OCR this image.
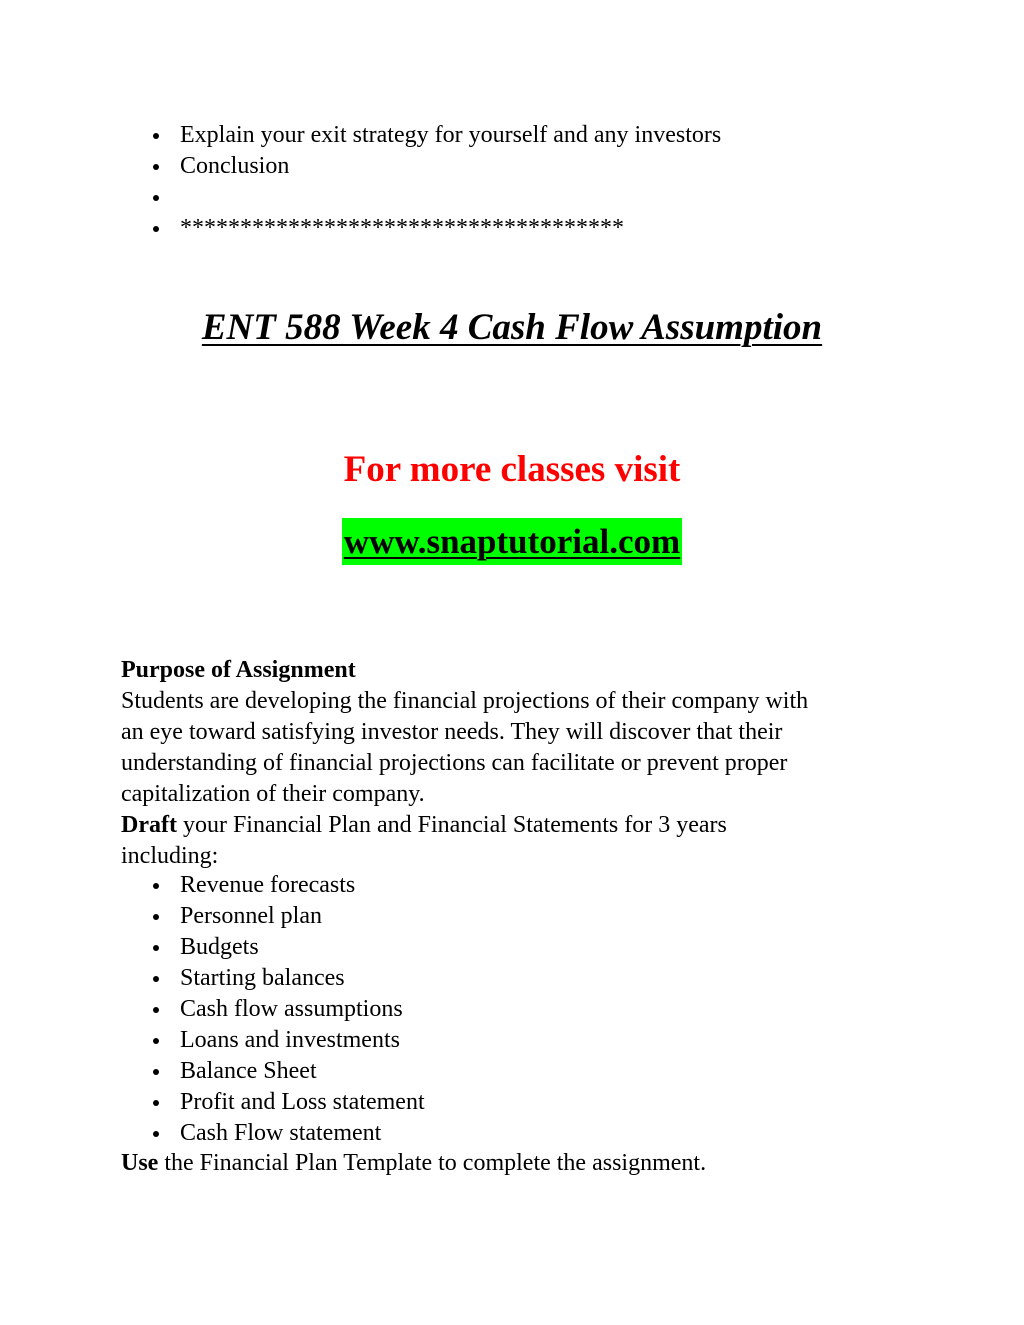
Explain your exit strategy for yourself and any investors
Conclusion
*************************************
ENT 588 Week 4 Cash Flow Assumption
For more classes visit
www.snaptutorial.com
Purpose of Assignment
Students are developing the financial projections of their company with
an eye toward satisfying investor needs. They will discover that their
understanding of financial projections can facilitate or prevent proper
capitalization of their company.
Draft your Financial Plan and Financial Statements for 3 years
including:
Revenue forecasts
Personnel plan
Budgets
Starting balances
Cash flow assumptions
Loans and investments
Balance Sheet
Profit and Loss statement
Cash Flow statement
Use the Financial Plan Template to complete the assignment.
